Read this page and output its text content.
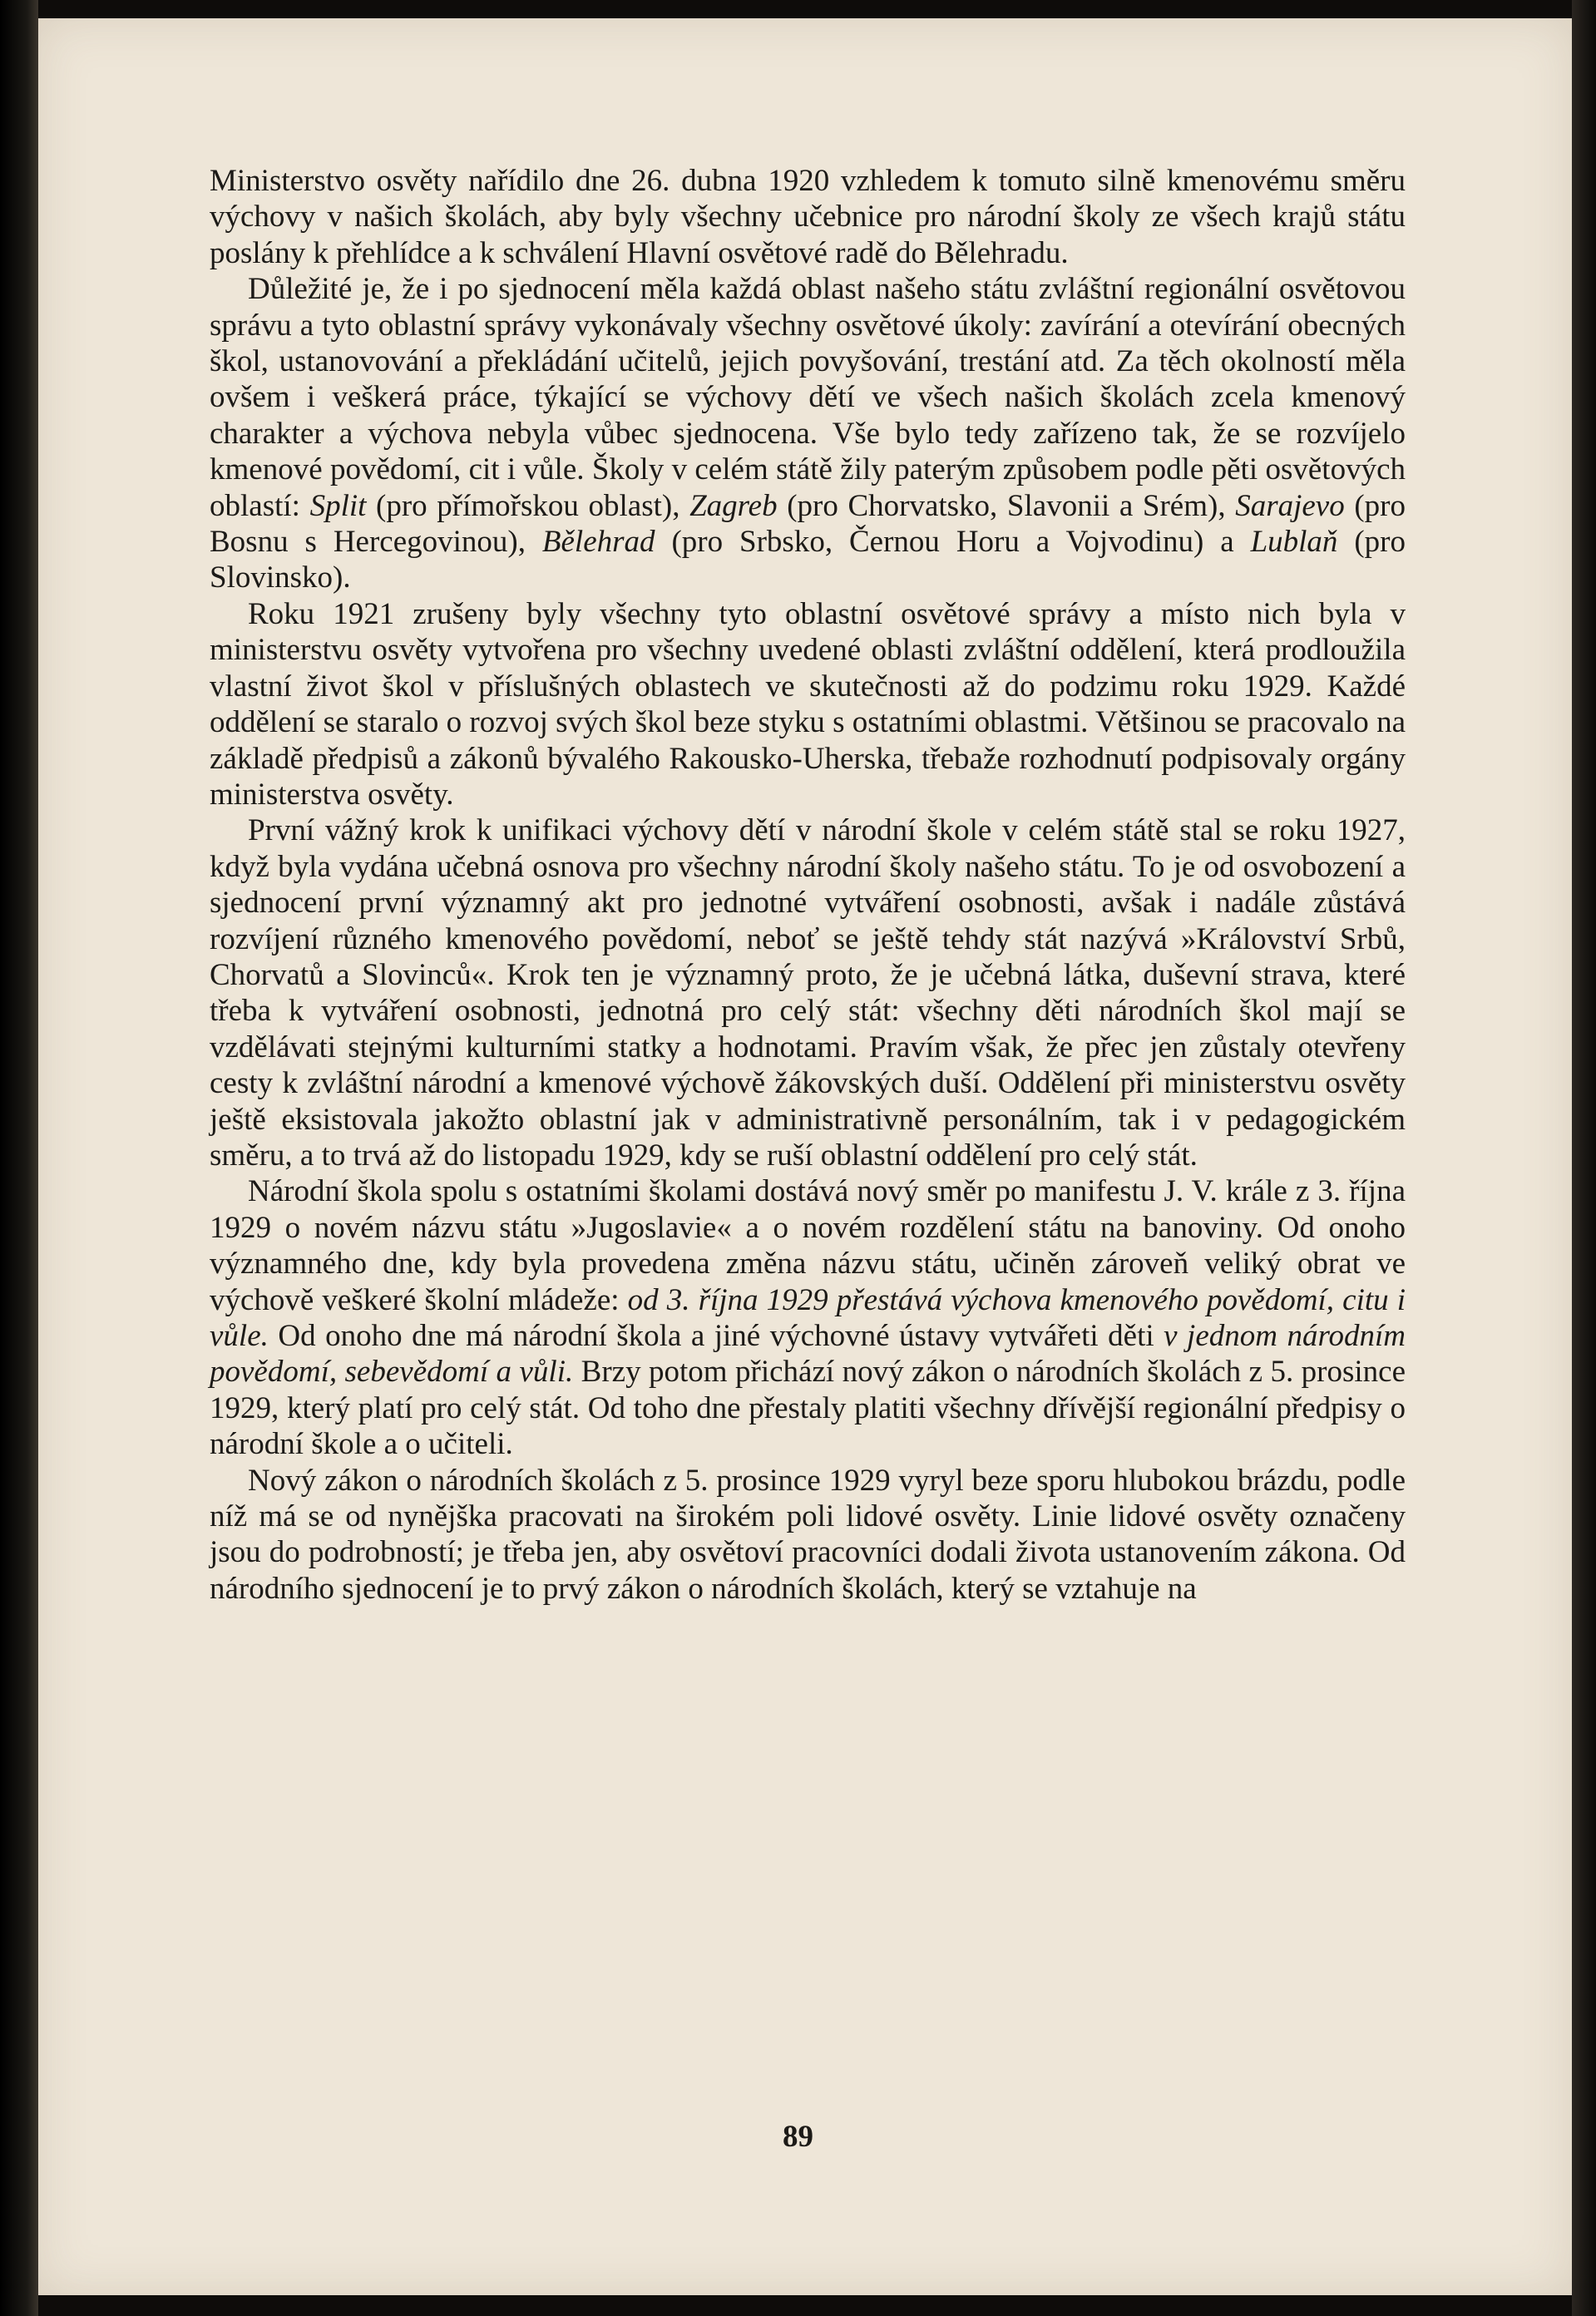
Ministerstvo osvěty nařídilo dne 26. dubna 1920 vzhledem k tomuto silně kmenovému směru výchovy v našich školách, aby byly všechny učebnice pro národní školy ze všech krajů státu poslány k přehlídce a k schválení Hlavní osvětové radě do Bělehradu.

Důležité je, že i po sjednocení měla každá oblast našeho státu zvláštní regionální osvětovou správu a tyto oblastní správy vykonávaly všechny osvětové úkoly: zavírání a otevírání obecných škol, ustanovování a překládání učitelů, jejich povyšování, trestání atd. Za těch okolností měla ovšem i veškerá práce, týkající se výchovy dětí ve všech našich školách zcela kmenový charakter a výchova nebyla vůbec sjednocena. Vše bylo tedy zařízeno tak, že se rozvíjelo kmenové povědomí, cit i vůle. Školy v celém státě žily paterým způsobem podle pěti osvětových oblastí: Split (pro přímořskou oblast), Zagreb (pro Chorvatsko, Slavonii a Srém), Sarajevo (pro Bosnu s Hercegovinou), Bělehrad (pro Srbsko, Černou Horu a Vojvodinu) a Lublaň (pro Slovinsko).

Roku 1921 zrušeny byly všechny tyto oblastní osvětové správy a místo nich byla v ministerstvu osvěty vytvořena pro všechny uvedené oblasti zvláštní oddělení, která prodloužila vlastní život škol v příslušných oblastech ve skutečnosti až do podzimu roku 1929. Každé oddělení se staralo o rozvoj svých škol beze styku s ostatními oblastmi. Většinou se pracovalo na základě předpisů a zákonů bývalého Rakousko-Uherska, třebaže rozhodnutí podpisovaly orgány ministerstva osvěty.

První vážný krok k unifikaci výchovy dětí v národní škole v celém státě stal se roku 1927, když byla vydána učebná osnova pro všechny národní školy našeho státu. To je od osvobození a sjednocení první významný akt pro jednotné vytváření osobnosti, avšak i nadále zůstává rozvíjení různého kmenového povědomí, neboť se ještě tehdy stát nazývá »Království Srbů, Chorvatů a Slovinců«. Krok ten je významný proto, že je učebná látka, duševní strava, které třeba k vytváření osobnosti, jednotná pro celý stát: všechny děti národních škol mají se vzdělávati stejnými kulturními statky a hodnotami. Pravím však, že přec jen zůstaly otevřeny cesty k zvláštní národní a kmenové výchově žákovských duší. Oddělení při ministerstvu osvěty ještě eksistovala jakožto oblastní jak v administrativně personálním, tak i v pedagogickém směru, a to trvá až do listopadu 1929, kdy se ruší oblastní oddělení pro celý stát.

Národní škola spolu s ostatními školami dostává nový směr po manifestu J. V. krále z 3. října 1929 o novém názvu státu »Jugoslavie« a o novém rozdělení státu na banoviny. Od onoho významného dne, kdy byla provedena změna názvu státu, učiněn zároveň veliký obrat ve výchově veškeré školní mládeže: od 3. října 1929 přestává výchova kmenového povědomí, citu i vůle. Od onoho dne má národní škola a jiné výchovné ústavy vytvářeti děti v jednom národním povědomí, sebevědomí a vůli. Brzy potom přichází nový zákon o národních školách z 5. prosince 1929, který platí pro celý stát. Od toho dne přestaly platiti všechny dřívější regionální předpisy o národní škole a o učiteli.

Nový zákon o národních školách z 5. prosince 1929 vyryl beze sporu hlubokou brázdu, podle níž má se od nynějška pracovati na širokém poli lidové osvěty. Linie lidové osvěty označeny jsou do podrobností; je třeba jen, aby osvětoví pracovníci dodali života ustanovením zákona. Od národního sjednocení je to prvý zákon o národních školách, který se vztahuje na

89
